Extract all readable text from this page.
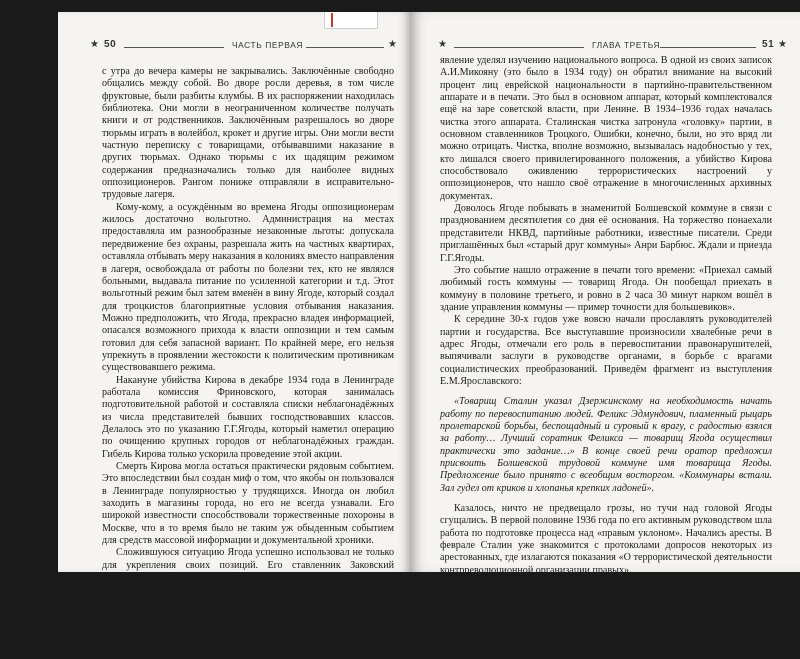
★ 50	ЧАСТЬ ПЕРВАЯ	★

с утра до вечера камеры не закрывались. Заключённые свободно общались между собой. Во дворе росли деревья, в том числе фруктовые, были разбиты клумбы. В их распоряжении находилась библиотека. Они могли в неограниченном количестве получать книги и от родственников. Заключённым разрешалось во дворе тюрьмы играть в волейбол, крокет и другие игры. Они могли вести частную переписку с товарищами, отбывавшими наказание в других тюрьмах. Однако тюрьмы с их щадящим режимом содержания предназначались только для наиболее видных оппозиционеров. Рангом пониже отправляли в исправительно-трудовые лагеря.

Кому-кому, а осуждённым во времена Ягоды оппозиционерам жилось достаточно вольготно. Администрация на местах предоставляла им разнообразные незаконные льготы: допускала передвижение без охраны, разрешала жить на частных квартирах, оставляла отбывать меру наказания в колониях вместо направления в лагеря, освобождала от работы по болезни тех, кто не являлся больными, выдавала питание по усиленной категории и т.д. Этот вольготный режим был затем вменён в вину Ягоде, который создал для троцкистов благоприятные условия отбывания наказания. Можно предположить, что Ягода, прекрасно владея информацией, опасался возможного прихода к власти оппозиции и тем самым готовил для себя запасной вариант. По крайней мере, его нельзя упрекнуть в проявлении жестокости к политическим противникам существовавшего режима.

Накануне убийства Кирова в декабре 1934 года в Ленинграде работала комиссия Фриновского, которая занималась подготовительной работой и составляла списки неблагонадёжных из числа представителей бывших господствовавших классов. Делалось это по указанию Г.Г.Ягоды, который наметил операцию по очищению крупных городов от неблагонадёжных граждан. Гибель Кирова только ускорила проведение этой акции.

Смерть Кирова могла остаться практически рядовым событием. Это впоследствии был создан миф о том, что якобы он пользовался в Ленинграде популярностью у трудящихся. Иногда он любил заходить в магазины города, но его не всегда узнавали. Его широкой известности способствовали торжественные похороны в Москве, что в то время было не таким уж обыденным событием для средств массовой информации и документальной хроники.

Сложившуюся ситуацию Ягода успешно использовал не только для укрепления своих позиций. Его ставленник Заковский возглавил разгромленный аппарат УНКВД Ленинградской области. Началась чистка кадрового состава органов НКВД и в других областях и республиках.

Между тем И.В.Сталин внимательно следил за действиями Г.Г.Ягоды после того, как на XVII съезде партии одержал окончательную победу над оппозиционерами всех мастей. Известно, что он про-

★	ГЛАВА ТРЕТЬЯ	51 ★

явление уделял изучению национального вопроса. В одной из своих записок А.И.Микояну (это было в 1934 году) он обратил внимание на высокий процент лиц еврейской национальности в партийно-правительственном аппарате и в печати. Это был в основном аппарат, который комплектовался ещё на заре советской власти, при Ленине. В 1934–1936 годах началась чистка этого аппарата. Сталинская чистка затронула «головку» партии, в основном ставленников Троцкого. Ошибки, конечно, были, но это вряд ли можно отрицать. Чистка, вполне возможно, вызывалась надобностью у тех, кто лишался своего привилегированного положения, а убийство Кирова способствовало оживлению террористических настроений у оппозиционеров, что нашло своё отражение в многочисленных архивных документах.

Доволось Ягоде побывать в знаменитой Болшевской коммуне в связи с празднованием десятилетия со дня её основания. На торжество понаехали представители НКВД, партийные работники, известные писатели. Среди приглашённых был «старый друг коммуны» Анри Барбюс. Ждали и приезда Г.Г.Ягоды.

Это событие нашло отражение в печати того времени: «Приехал самый любимый гость коммуны — товарищ Ягода. Он пообещал приехать в коммуну в половине третьего, и ровно в 2 часа 30 минут нарком вошёл в здание управления коммуны — пример точности для большевиков».

К середине 30-х годов уже вовсю начали прославлять руководителей партии и государства. Все выступавшие произносили хвалебные речи в адрес Ягоды, отмечали его роль в перевоспитании правонарушителей, выпячивали заслуги в руководстве органами, в борьбе с врагами социалистических преобразований. Приведём фрагмент из выступления Е.М.Ярославского:

«Товарищ Сталин указал Дзержинскому на необходимость начать работу по перевоспитанию людей. Феликс Эдмундович, пламенный рыцарь пролетарской борьбы, беспощадный и суровый к врагу, с радостью взялся за работу… Лучший соратник Феликса — товарищ Ягода осуществил практически это задание…» В конце своей речи оратор предложил присвоить Болшевской трудовой коммуне имя товарища Ягоды. Предложение было принято с всеобщим восторгом. «Коммунары встали. Зал гудел от криков и хлопанья крепких ладоней».

Казалось, ничто не предвещало грозы, но тучи над головой Ягоды сгущались. В первой половине 1936 года по его активным руководством шла работа по подготовке процесса над «правым уклоном». Начались аресты. В феврале Сталин уже знакомится с протоколами допросов некоторых из арестованных, где излагаются показания «О террористической деятельности контрреволюционной организации правых».
